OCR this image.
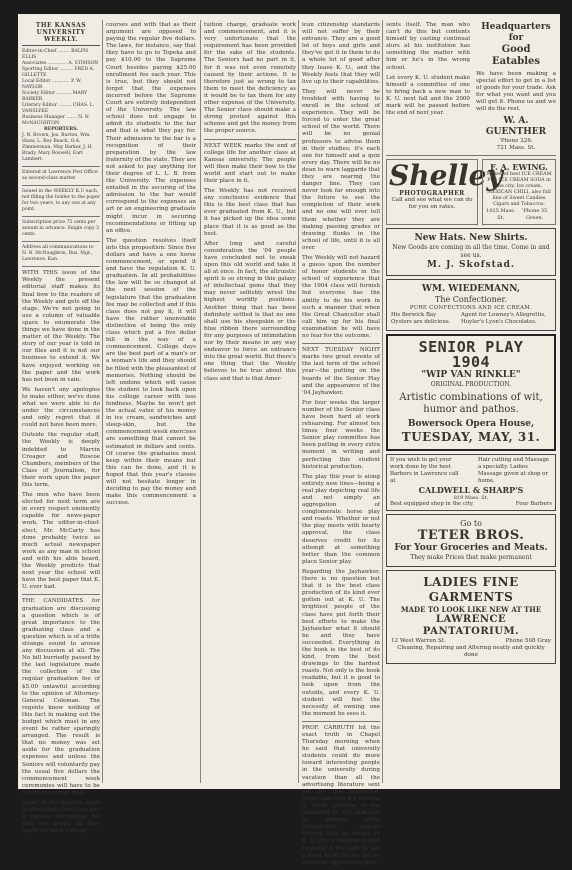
THE KANSAS UNIVERSITY WEEKLY.
Editor-in-Chief ........ RALPH ELLIS
Associates ............. A. STIMSON
Sporting Editor ......... FRED A. GILLETTE
Local Editor ............ P. W. NAYLOR
Society Editor .......... MARY BARKER
Literary Editor ......... CHAS. L. VANSLYKE
Business Manager ....... N. N. McNAUGHTON
REPORTERS.
J. N. Brown, Jos. Burton, Wm. Shaw, L. Roy Beach, O.A. Zimmerman, May Barker, J. H. Brady, Mary Boswell, Earl Lambert.
Entered at Lawrence Post Office as second-class matter.
Issued in the WEEKLY K.U each, not filling the holder to the paper for two years, to any one at any point.
Subscription price 75 cents per annum in advance. Single copy 3 cents.
Address all communications to N. N. McNaughton, Bus. Mgr., Lawrence, Kan.

WITH THIS issue of the Weekly the present editorial staff makes its final bow to the readers of the Weekly and gets off the stage. We're not going to use a column of valuable space to enumerate the things we have done in the matter of the Weekly. The story of our year is told in our files and it is not our business to extend it. We have enjoyed working on the paper and the work has not been in vain.

We haven't any apologies to make either, we've done what we were able to do under the circumstances and only regret that it could not have been more.

Outside the regular staff, the Weekly is deeply indebted to Marvin Creager and Roscoe Chambers, members of the Class of Journalism, for their work upon the paper this term.

The men who have been elected for next term are in every respect eminently capable for news-paper work. The editor-in-chief-elect, Mr. McCarty has done probably twice as much actual newspaper work as any man in school and with his able board, the Weekly predicts that next year the school will have the best paper that K. U. ever had.

THE CANDIDATES for graduation are discussing a question which is of great importance to the graduating class and a question which is of a trifle strange sound to arouse any discussion at all. The No bill hurriedly passed by the last legislature made the collection of the regular graduation fee of $5.00 unlawful according to the opinion of Attorney-General Coleman. The regents know nothing of this fact in making out the budget which must in any event be rather sparingly arranged. The result is that no money was set aside for the graduation expenses and unless the Seniors will voluntarily pay the usual five dollars the commencement week ceremonies will have to be cut down a great deal.

Some of the Seniors seem to think that since they pay a regular enrollment fee they are giving all they ought for their college

courses and with that as their argument are opposed to paying the regular five dollars. The laws, for instance, say that they have to go to Topeka and pay $10.00 to the Supreme Court besides paying $25.00 enrollment fee each year. This is true, but they should not forget that the expenses incurred before the Supreme Court are entirely independent of the University. The law school does not engage to admit its students to the bar and that is what they pay for. Their admission to the bar is a recognition of their preparation by the law fraternity of the state. They are not asked to pay anything for their degree of L. L. B. from the University. The expenses entailed in the securing of the admission to the bar would correspond to the expenses an art or an engineering graduate might incur in securing recommendations or fitting up an office.

The question resolves itself into this proposition: Since five dollars and have a one horse commencement, or spend it and have the regulation K. U. graduation. In all probabilities the law will be so changed at the next session of the legislature that the graduation fee may be collected and if this class does not pay it, it will have the rather unenviable distinction of being the only class which put a five dollar bill in the way of a commencement. College days are the best part of a man's or a woman's life and they should be filled with the pleasantest of memories. Nothing should be left undone which will cause the student to look back upon his college career with less fondness. Maybe he won't get the actual value of his money in ice cream, sandwiches and sleep-skin, but the commencement week exercises are something that cannot be estimated in dollars and cents. Of course the graduates must keep within their means but this can be done, and it is hoped that this year's classes will not hesitate longer in deciding to pay the money and make this commencement a success.

tuition charge, graduate work and commencement, and it is very unfortunate that the requirement has been provided for the sake of the students. The Seniors had no part in it, for it was not even remotely caused by their actions. It is therefore just as wrong to tax them to meet the deficiency as it would be to tax them for any other expense of the University. The Senior class should make a strong protest against this scheme and get the money from the proper source.

NEXT WEEK marks the end of college life for another class at Kansas university. The people will then make their bow to the world and start out to make their place in it.

The Weekly has not received any conclusive evidence that this is the best class that has ever graduated from K. U., but it has picked up the idea some place that it is as good as the best.

After long and careful consideration the '04 people have concluded not to sneak upon this old world and take it all at once. In fact, the altruistic spirit is so strong in this galaxy of intellectual gems that they may never selfishly wrest the highest worldly positions. Another thing that has been definitely settled is that no one shall use his sheepskin or the blue ribbon there surrounding for any purposes of intimidation nor by their means in any way endeavor to force an entrance into the great world. But there's one thing that the Weekly believes to be true about this class and that is that Amer-

ican citizenship standards will not suffer by their entrance. They are a good lot of boys and girls and they've got it in them to do a whole lot of good after they leave K. U., and the Weekly feels that they will live up to their capabilities.

They will never be troubled with having to enroll in the school of experience. They will be forced to enter the great school of the world. There will be no genial professors to advise them in their studies; it's each one for himself and a quiz every day. There will be no dean to warn laggards that they are nearing the danger line. They can never look far enough into the future to see the completion of their work and no one will ever tell them whether they are making passing grades or drawing flunks in the school of life, until it is all over.

The Weekly will not hazard a guess upon the number of honor students in the school of experience that the 1904 class will furnish but everyone has the ability to do his work in such a manner that when the Great Chancellor shall call him up for his final examination he will have no fear for the outcome.

NEXT TUESDAY NIGHT marks two great events of the last term of the school year—the putting on the boards of the Senior Play and the appearance of the '04 Jayhawker.

For four weeks the larger number of the Senior class have been hard at work rehearsing. For almost ten times four weeks the Senior play committee has been putting in every extra moment in writing and perfecting this student historical production.

The play this year is along entirely new lines—being a real play depicting real life and not simply an aggregation of conglomerate horse play and roasts. Whether or not the play meets with hearty approval, the class deserves credit for its attempt at something better than the common place Senior play.

Regarding the Jayhawker, there is no question but that it is the best class production of its kind ever gotten out at K. U. The brightest people of the class have put forth their best efforts to make the Jayhawker what it should be and they have succeeded. Everything in the book is the best of its kind, from the best drawings to the hardest roasts. Not only is the book readable, but it is good to look upon from the outside, and every K. U. student will feel the necessity of owning one the moment he sees it.

PROF. CARRUTH hit the exact truth in Chapel Thursday morning when he said that university students could do more toward interesting people in the university during vacation than all the advertising literature sent out by the institution. More than that if a student is really patriotic to his university he will endeavor to interest every prospective college student that he knows, in K. U. Every student should consider it his duty to say a good word for his school when the opportunity pre-

sents itself. The man who can't do this but contents himself by casting continual slurs at his institution has something the matter with him or he's in the wrong school.

Let every K. U. student make himself a committee of one to bring back a new man to K. U. next fall and the 2000 mark will be passed before the end of next year.

Headquarters for
Good Eatables
We have been making a special effort to get in a list of goods for your trade. Ask for what you want and you will get it. Phone us and we will do the rest.
W. A. GUENTHER
'Phone 226.
721 Mass. St.
Shelley
PHOTOGRAPHER
Call and see what we can do for you on rates.
F. A. EWING.
Maker of best ICE CREAM Pies ICE CREAM SODA in the city. Ice cream, MEXICAN CHILI, also full line of Sweet Candies Cigars and Tobaccos.
1025 Mass. St.
'Phone 35 Green.
New Hats. New Shirts.
New Goods are coming in all the time. Come in and see us.
M. J. Skofstad.
WM. WIEDEMANN,
The Confectioner.
PURE CONFECTIONS AND ICE CREAM.
His Berwick Bay Oysters are delicious.
Agent for Lowney's Allegrettis, Huyler's Lyon's Chocolates.
SENIOR PLAY
1904
"WIP VAN RINKLE"
ORIGINAL PRODUCTION.
Artistic combinations of wit, humor and pathos.
Bowersock Opera House,
TUESDAY, MAY, 31.
If you wish to get your work done by the best Barbers in Lawrence call at
Hair cutting and Massage a specialty. Ladies Massage given at shop or home.
CALDWELL & SHARP'S
819 Mass. St.
Best equipped shop in the city.	Four Barbers
Go to
TETER BROS.
For Your Groceries and Meats.
They make Prices that make permanent
LADIES FINE GARMENTS
MADE TO LOOK LIKE NEW AT THE
LAWRENCE PANTATORIUM.
12 West Warren St.	Phone 508 Gray
Cleaning, Repairing and Altering neatly and quickly done
